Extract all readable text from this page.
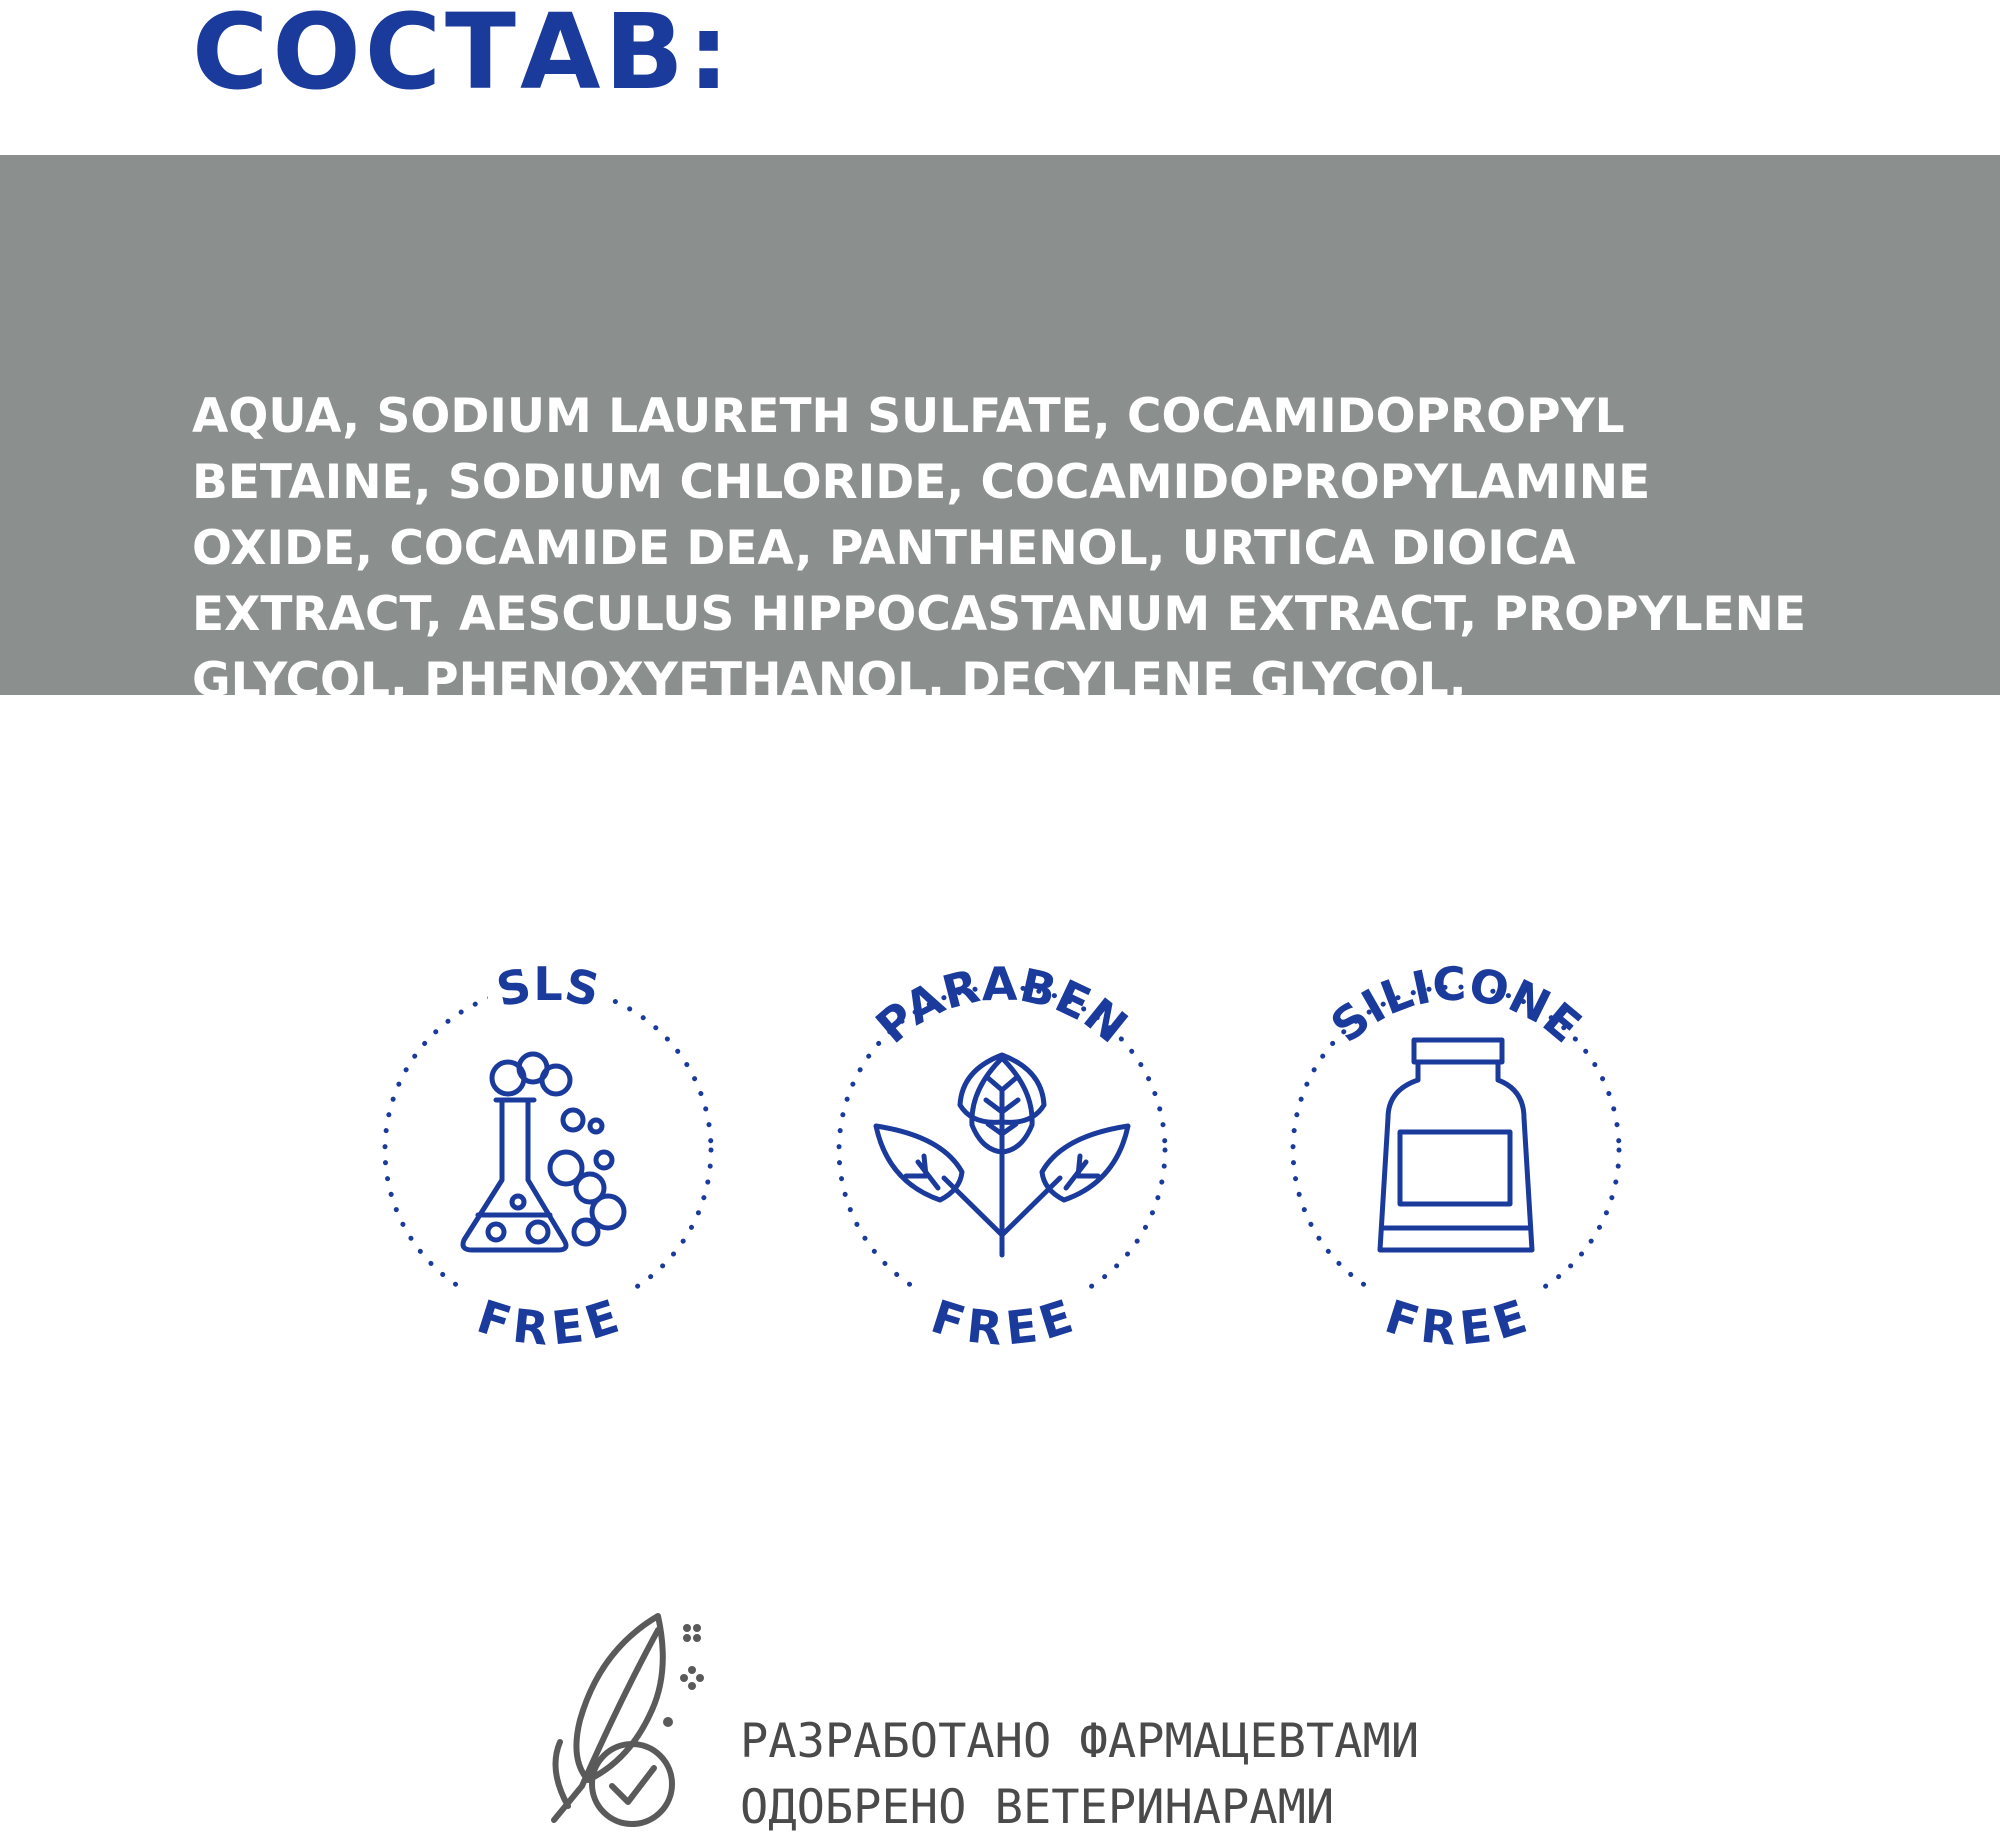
СОСТАВ:

AQUA, SODIUM LAURETH SULFATE, COCAMIDOPROPYL
BETAINE, SODIUM CHLORIDE, COCAMIDOPROPYLAMINE
OXIDE, COCAMIDE DEA, PANTHENOL, URTICA DIOICA
EXTRACT, AESCULUS HIPPOCASTANUM EXTRACT, PROPYLENE
GLYCOL, PHENOXYETHANOL, DECYLENE GLYCOL,
METHYLISOTHIAZOLINONE, CI 60730, CI 20470, PARFUM.

SLS
FREE
PARABEN
FREE
SILICONE
FREE
РАЗРАБОТАНО ФАРМАЦЕВТАМИ
ОДОБРЕНО ВЕТЕРИНАРАМИ
